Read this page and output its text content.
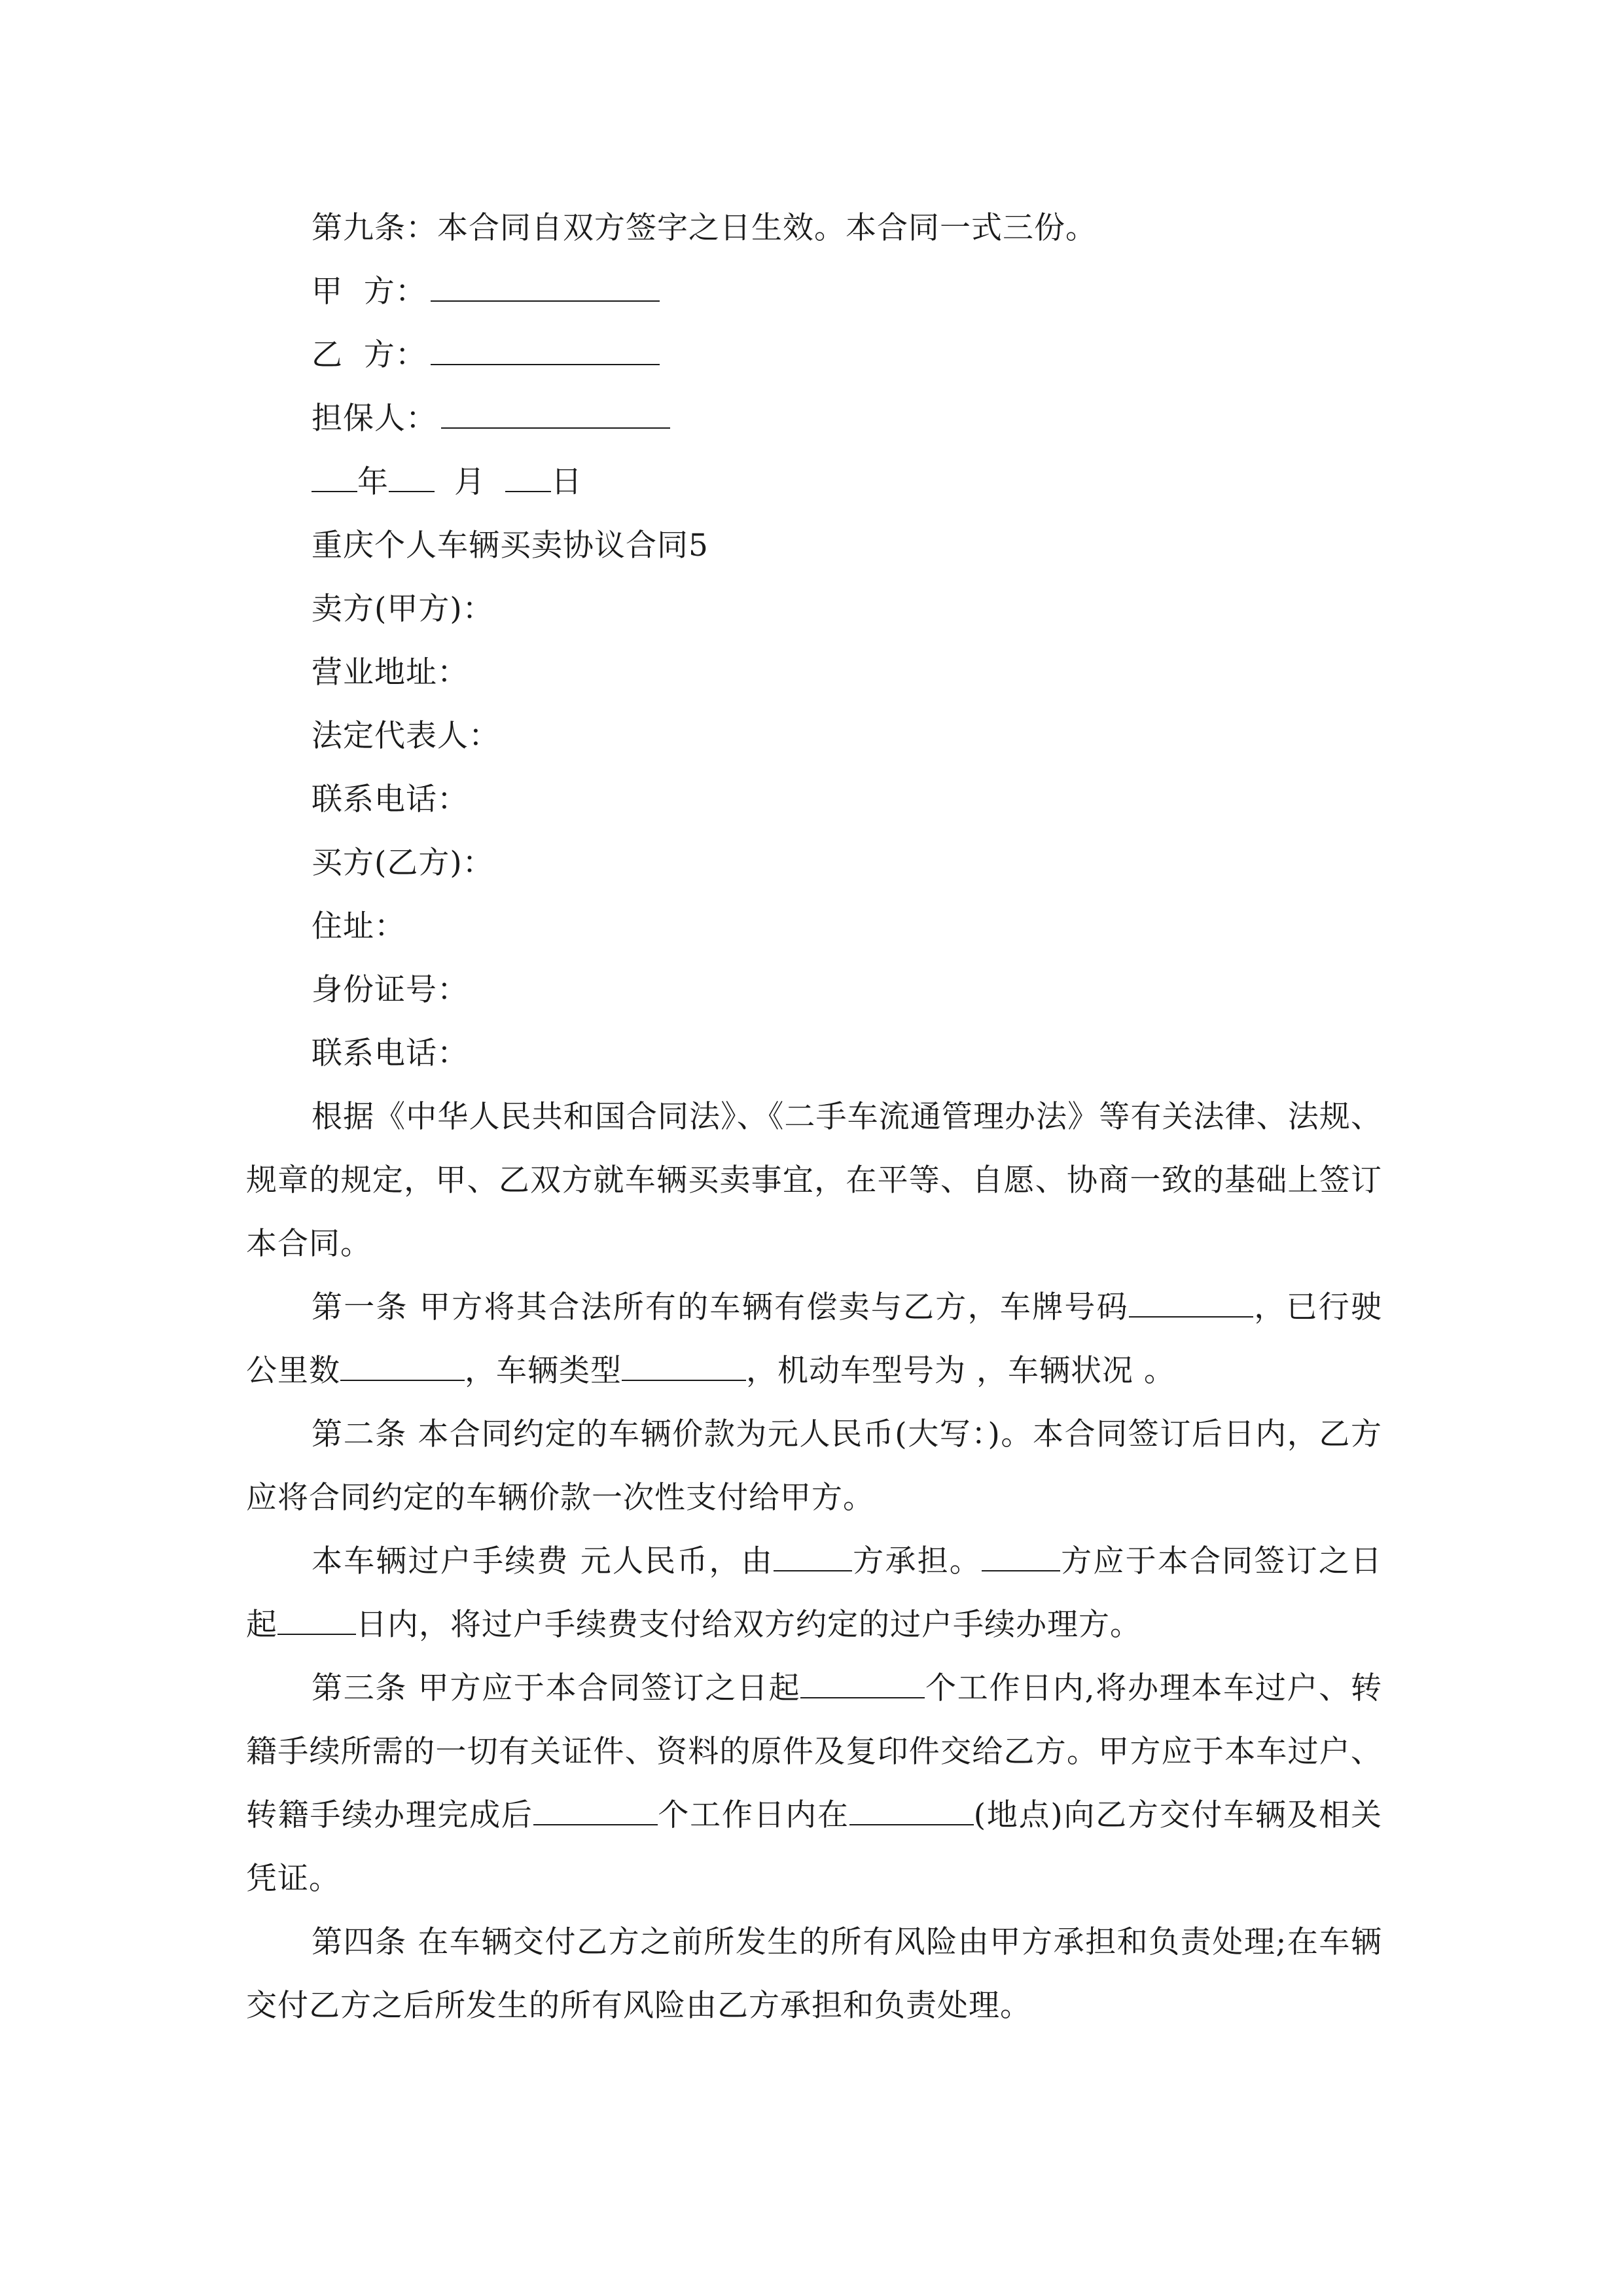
第九条：本合同自双方签字之日生效。本合同一式三份。
甲  方：
乙  方：
担保人：
年 月 日
重庆个人车辆买卖协议合同5
卖方(甲方)：
营业地址：
法定代表人：
联系电话：
买方(乙方)：
住址：
身份证号：
联系电话：
根据《中华人民共和国合同法》、《二手车流通管理办法》等有关法律、法规、规章的规定，甲、乙双方就车辆买卖事宜，在平等、自愿、协商一致的基础上签订本合同。
第一条 甲方将其合法所有的车辆有偿卖与乙方，车牌号码	，已行驶公里数	，车辆类型	，机动车型号为 ，车辆状况 。
第二条 本合同约定的车辆价款为元人民币(大写：)。本合同签订后日内，乙方应将合同约定的车辆价款一次性支付给甲方。
本车辆过户手续费 元人民币，由	方承担。	方应于本合同签订之日起	日内，将过户手续费支付给双方约定的过户手续办理方。
第三条 甲方应于本合同签订之日起	个工作日内,将办理本车过户、转籍手续所需的一切有关证件、资料的原件及复印件交给乙方。甲方应于本车过户、转籍手续办理完成后	个工作日内在	(地点)向乙方交付车辆及相关凭证。
第四条 在车辆交付乙方之前所发生的所有风险由甲方承担和负责处理;在车辆交付乙方之后所发生的所有风险由乙方承担和负责处理。
